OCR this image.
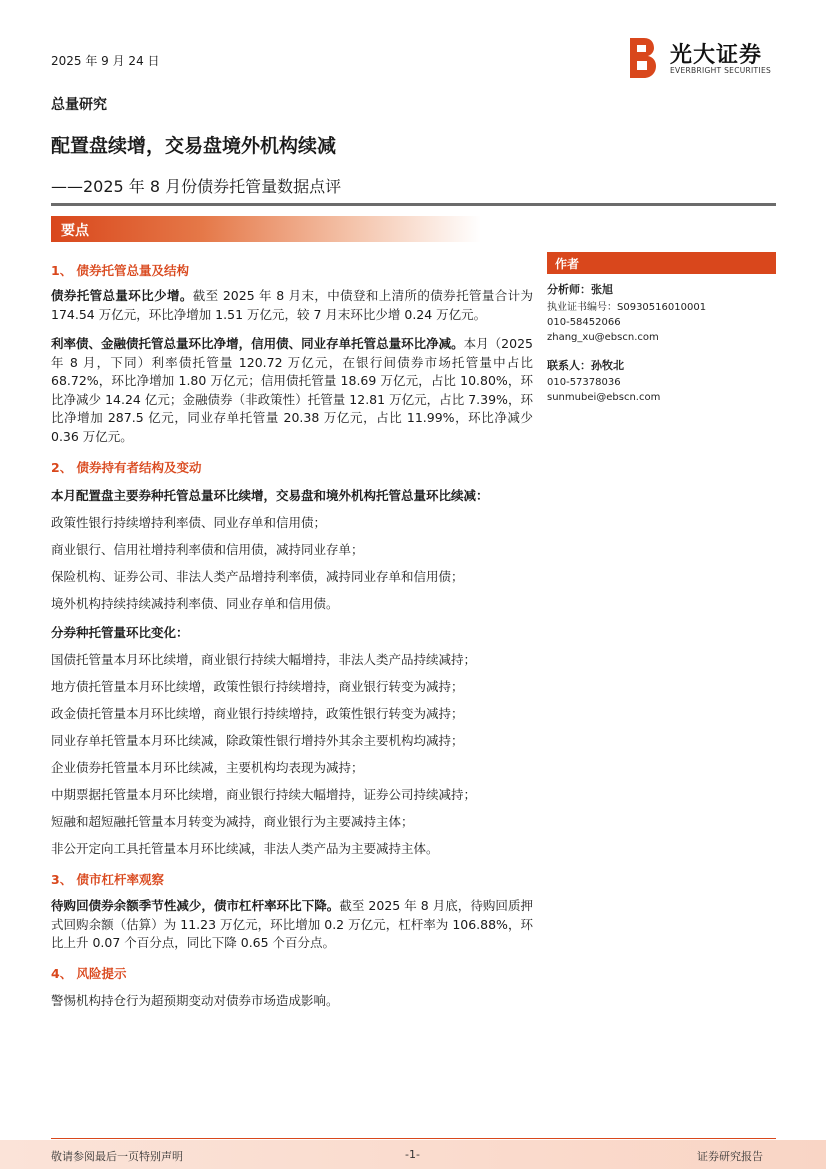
2025 年 9 月 24 日	光大证券
EVERBRIGHT SECURITIES
总量研究
配置盘续增，交易盘境外机构续减
——2025 年 8 月份债券托管量数据点评
要点
作者
分析师：张旭
执业证书编号：S0930516010001
010-58452066
zhang_xu@ebscn.com
联系人：孙牧北
010-57378036
sunmubei@ebscn.com
1、 债券托管总量及结构
债券托管总量环比少增。截至 2025 年 8 月末，中债登和上清所的债券托管量合计为 174.54 万亿元，环比净增加 1.51 万亿元，较 7 月末环比少增 0.24 万亿元。
利率债、金融债托管总量环比净增，信用债、同业存单托管总量环比净减。本月（2025 年 8 月，下同）利率债托管量 120.72 万亿元，在银行间债券市场托管量中占比 68.72%，环比净增加 1.80 万亿元；信用债托管量 18.69 万亿元，占比 10.80%，环比净减少 14.24 亿元；金融债券（非政策性）托管量 12.81 万亿元，占比 7.39%，环比净增加 287.5 亿元，同业存单托管量 20.38 万亿元，占比 11.99%，环比净减少 0.36 万亿元。
2、 债券持有者结构及变动
本月配置盘主要券种托管总量环比续增，交易盘和境外机构托管总量环比续减：
政策性银行持续增持利率债、同业存单和信用债；
商业银行、信用社增持利率债和信用债，减持同业存单；
保险机构、证券公司、非法人类产品增持利率债，减持同业存单和信用债；
境外机构持续持续减持利率债、同业存单和信用债。
分券种托管量环比变化：
国债托管量本月环比续增，商业银行持续大幅增持，非法人类产品持续减持；
地方债托管量本月环比续增，政策性银行持续增持，商业银行转变为减持；
政金债托管量本月环比续增，商业银行持续增持，政策性银行转变为减持；
同业存单托管量本月环比续减，除政策性银行增持外其余主要机构均减持；
企业债券托管量本月环比续减，主要机构均表现为减持；
中期票据托管量本月环比续增，商业银行持续大幅增持，证券公司持续减持；
短融和超短融托管量本月转变为减持，商业银行为主要减持主体；
非公开定向工具托管量本月环比续减，非法人类产品为主要减持主体。
3、 债市杠杆率观察
待购回债券余额季节性减少，债市杠杆率环比下降。截至 2025 年 8 月底，待购回质押式回购余额（估算）为 11.23 万亿元，环比增加 0.2 万亿元，杠杆率为 106.88%，环比上升 0.07 个百分点，同比下降 0.65 个百分点。
4、 风险提示
警惕机构持仓行为超预期变动对债券市场造成影响。
敬请参阅最后一页特别声明	-1-	证券研究报告
